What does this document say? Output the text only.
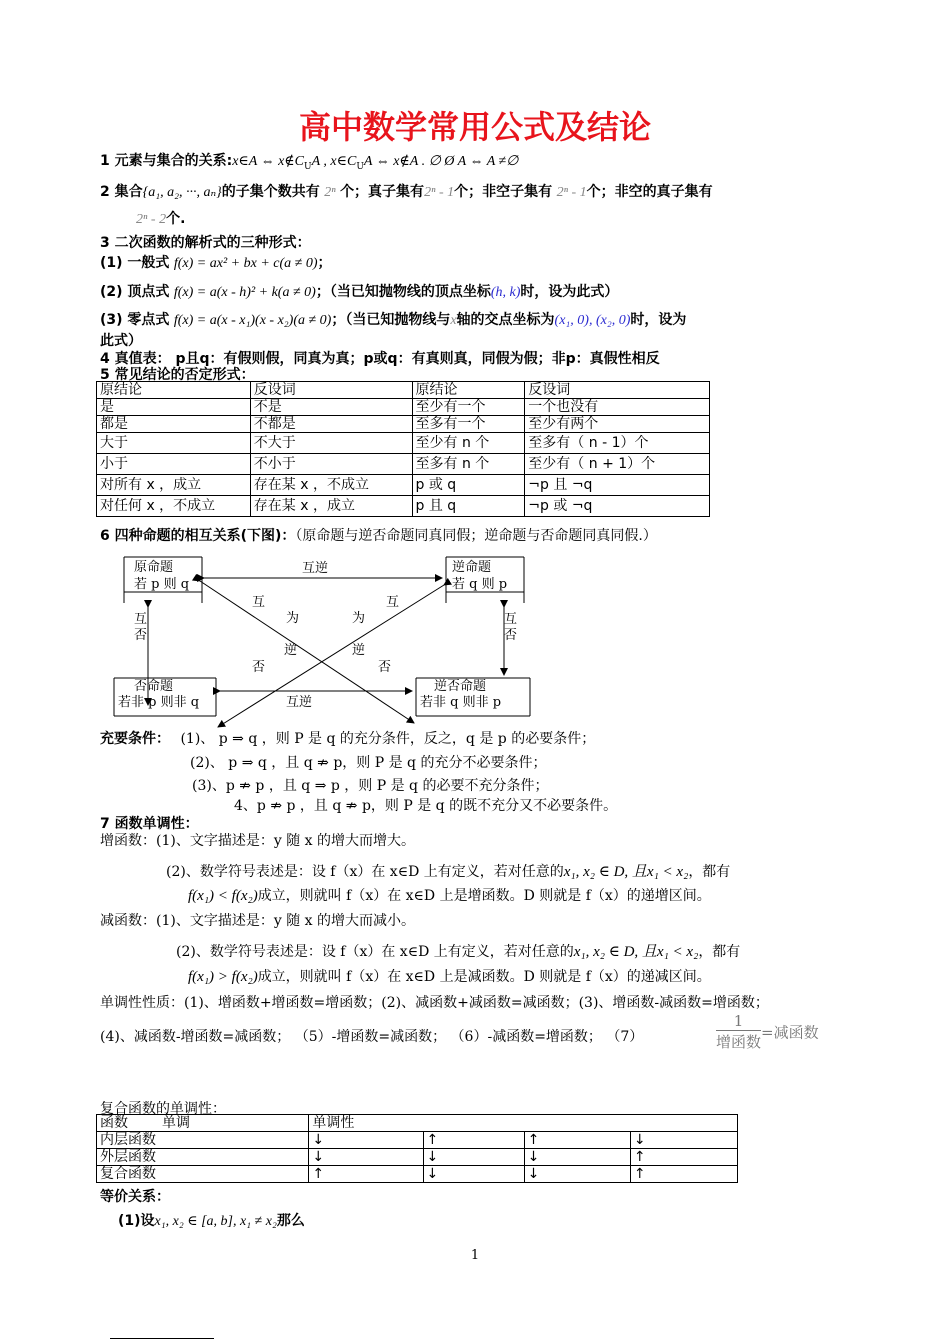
高中数学常用公式及结论
1 元素与集合的关系:x∈A ⇔ $x\notin C_UA$ , $x\in C_UA$ ⇔ x∉A . ∅ Ø A ⇔ A ≠∅
2 集合{a₁, a₂, ···, aₙ}的子集个数共有 2ⁿ 个；真子集有2ⁿ - 1个；非空子集有 2ⁿ - 1个；非空的真子集有
2ⁿ - 2个.
3 二次函数的解析式的三种形式：
(1) 一般式 f(x) = ax² + bx + c(a ≠ 0)；
(2) 顶点式 f(x) = a(x - h)² + k(a ≠ 0)；（当已知抛物线的顶点坐标(h, k)时，设为此式）
(3) 零点式 f(x) = a(x - x₁)(x - x₂)(a ≠ 0)；（当已知抛物线与x轴的交点坐标为(x₁, 0), (x₂, 0)时，设为
此式）
4 真值表： p且q：有假则假，同真为真；p或q：有真则真，同假为假；非p：真假性相反
5 常见结论的否定形式：
原结论	反设词	原结论	反设词
是	不是	至少有一个	一个也没有
都是	不都是	至多有一个	至少有两个
大于	不大于	至少有 n 个	至多有（ n - 1）个
小于	不小于	至多有 n 个	至少有（ n + 1）个
对所有 x ，成立	存在某 x ，不成立	p 或 q	¬p 且 ¬q
对任何 x ，不成立	存在某 x ，成立	p 且 q	¬p 或 ¬q
6 四种命题的相互关系(下图)：（原命题与逆否命题同真同假；逆命题与否命题同真同假.）
原命题
若 p 则 q
逆命题
若 q 则 p
否命题
若非 p 则非 q
逆否命题
若非 q 则非 p
互逆
互逆
互
否
互
否
互
为
逆
否
互
为
逆
否
充要条件： (1)、 p ⇒ q ，则 P 是 q 的充分条件，反之，q 是 p 的必要条件；
(2)、 p ⇒ q ，且 q ⇏ p，则 P 是 q 的充分不必要条件；
(3)、p ⇏ p ，且 q ⇒ p ，则 P 是 q 的必要不充分条件；
4、p ⇏ p ，且 q ⇏ p，则 P 是 q 的既不充分又不必要条件。
7 函数单调性：
增函数：(1)、文字描述是：y 随 x 的增大而增大。
(2)、数学符号表述是：设 f（x）在 x∈D 上有定义，若对任意的x₁, x₂ ∈ D, 且x₁ < x₂，都有
f(x₁) < f(x₂)成立，则就叫 f（x）在 x∈D 上是增函数。D 则就是 f（x）的递增区间。
减函数：(1)、文字描述是：y 随 x 的增大而减小。
(2)、数学符号表述是：设 f（x）在 x∈D 上有定义，若对任意的x₁, x₂ ∈ D, 且x₁ < x₂，都有
f(x₁) > f(x₂)成立，则就叫 f（x）在 x∈D 上是减函数。D 则就是 f（x）的递减区间。
单调性性质：(1)、增函数+增函数=增函数；(2)、减函数+减函数=减函数；(3)、增函数-减函数=增函数；
(4)、减函数-增函数=减函数； （5）-增函数=减函数； （6）-减函数=增函数； （7）
1
增函数
=减函数
复合函数的单调性：
函数 单调	单调性			
内层函数	↓	↑	↑	↓
外层函数	↓	↓	↓	↑
复合函数	↑	↓	↓	↑
等价关系：
(1)设x₁, x₂ ∈ [a, b], x₁ ≠ x₂那么
1
